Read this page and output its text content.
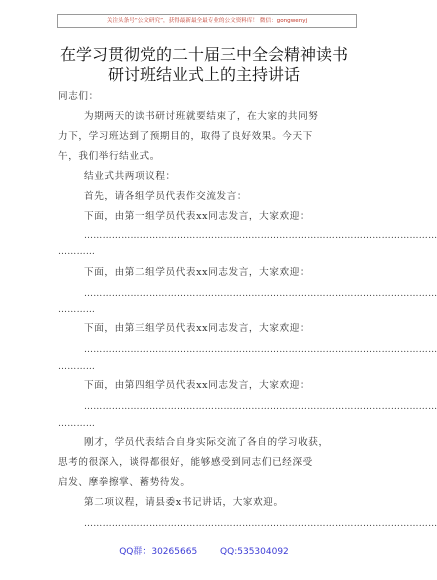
关注头条号“公文研究”，获得最新最全最专业的公文资料库！ 微信：gongwenyj
在学习贯彻党的二十届三中全会精神读书
研讨班结业式上的主持讲话
同志们：
为期两天的读书研讨班就要结束了，在大家的共同努
力下，学习班达到了预期目的，取得了良好效果。今天下
午，我们举行结业式。
结业式共两项议程：
首先，请各组学员代表作交流发言：
下面，由第一组学员代表xx同志发言，大家欢迎：
……………………………………………………………………………………………………
…………
下面，由第二组学员代表xx同志发言，大家欢迎：
……………………………………………………………………………………………………
…………
下面，由第三组学员代表xx同志发言，大家欢迎：
……………………………………………………………………………………………………
…………
下面，由第四组学员代表xx同志发言，大家欢迎：
……………………………………………………………………………………………………
…………
刚才，学员代表结合自身实际交流了各自的学习收获，
思考的很深入，谈得都很好，能够感受到同志们已经深受
启发、摩拳擦掌、蓄势待发。
第二项议程，请县委x书记讲话，大家欢迎。
……………………………………………………………………………………………………
QQ群：30265665	QQ:535304092
